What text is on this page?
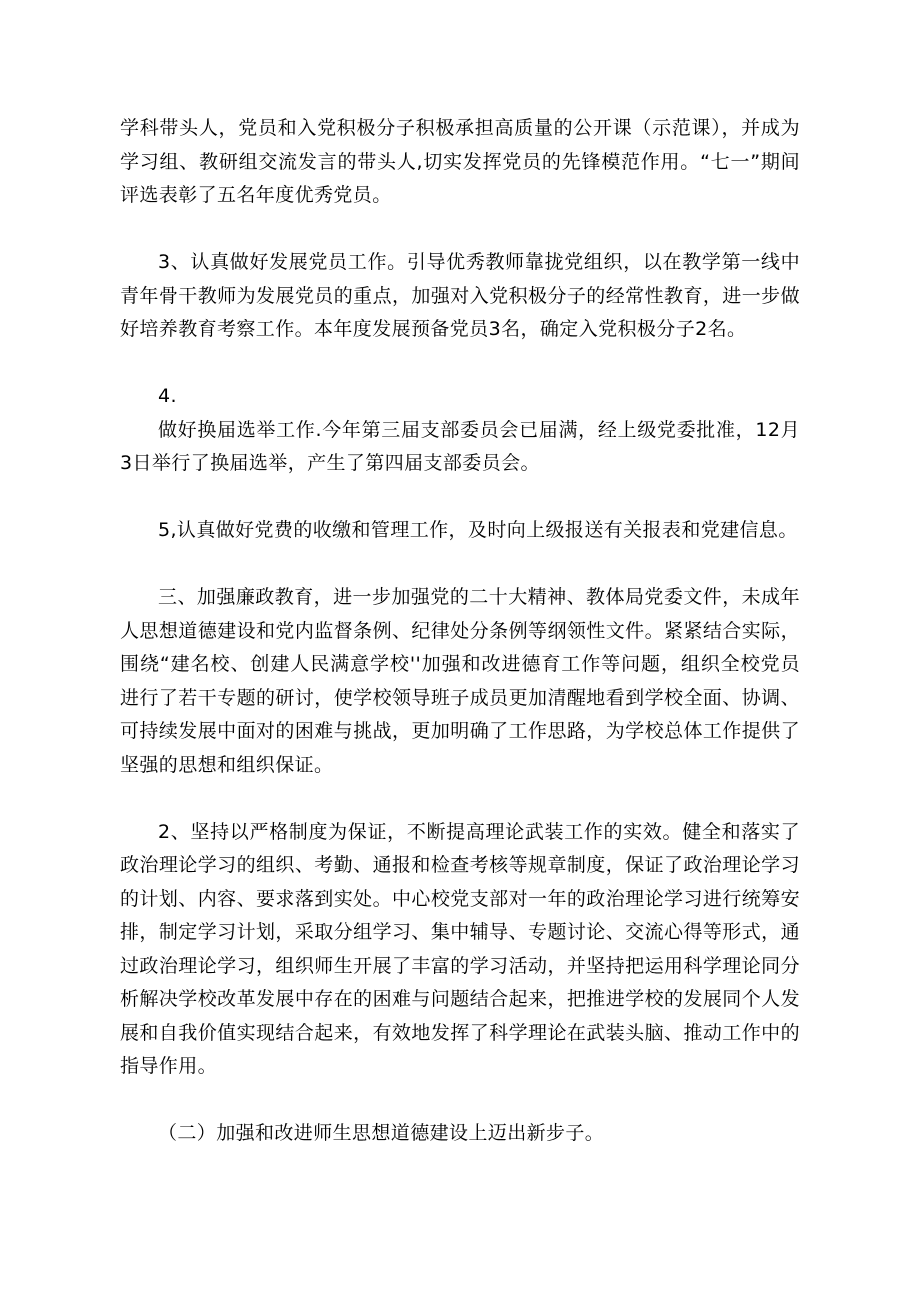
学科带头人，党员和入党积极分子积极承担高质量的公开课（示范课），并成为学习组、教研组交流发言的带头人,切实发挥党员的先锋模范作用。“七一”期间评选表彰了五名年度优秀党员。

3、认真做好发展党员工作。引导优秀教师靠拢党组织，以在教学第一线中青年骨干教师为发展党员的重点，加强对入党积极分子的经常性教育，进一步做好培养教育考察工作。本年度发展预备党员3名，确定入党积极分子2名。

4.

做好换届选举工作.今年第三届支部委员会已届满，经上级党委批准，12月3日举行了换届选举，产生了第四届支部委员会。

5,认真做好党费的收缴和管理工作，及时向上级报送有关报表和党建信息。

三、加强廉政教育，进一步加强党的二十大精神、教体局党委文件，未成年人思想道德建设和党内监督条例、纪律处分条例等纲领性文件。紧紧结合实际，围绕“建名校、创建人民满意学校''加强和改进德育工作等问题，组织全校党员进行了若干专题的研讨，使学校领导班子成员更加清醒地看到学校全面、协调、可持续发展中面对的困难与挑战，更加明确了工作思路，为学校总体工作提供了坚强的思想和组织保证。

2、坚持以严格制度为保证，不断提高理论武装工作的实效。健全和落实了政治理论学习的组织、考勤、通报和检查考核等规章制度，保证了政治理论学习的计划、内容、要求落到实处。中心校党支部对一年的政治理论学习进行统筹安排，制定学习计划，采取分组学习、集中辅导、专题讨论、交流心得等形式，通过政治理论学习，组织师生开展了丰富的学习活动，并坚持把运用科学理论同分析解决学校改革发展中存在的困难与问题结合起来，把推进学校的发展同个人发展和自我价值实现结合起来，有效地发挥了科学理论在武装头脑、推动工作中的指导作用。

（二）加强和改进师生思想道德建设上迈出新步子。
